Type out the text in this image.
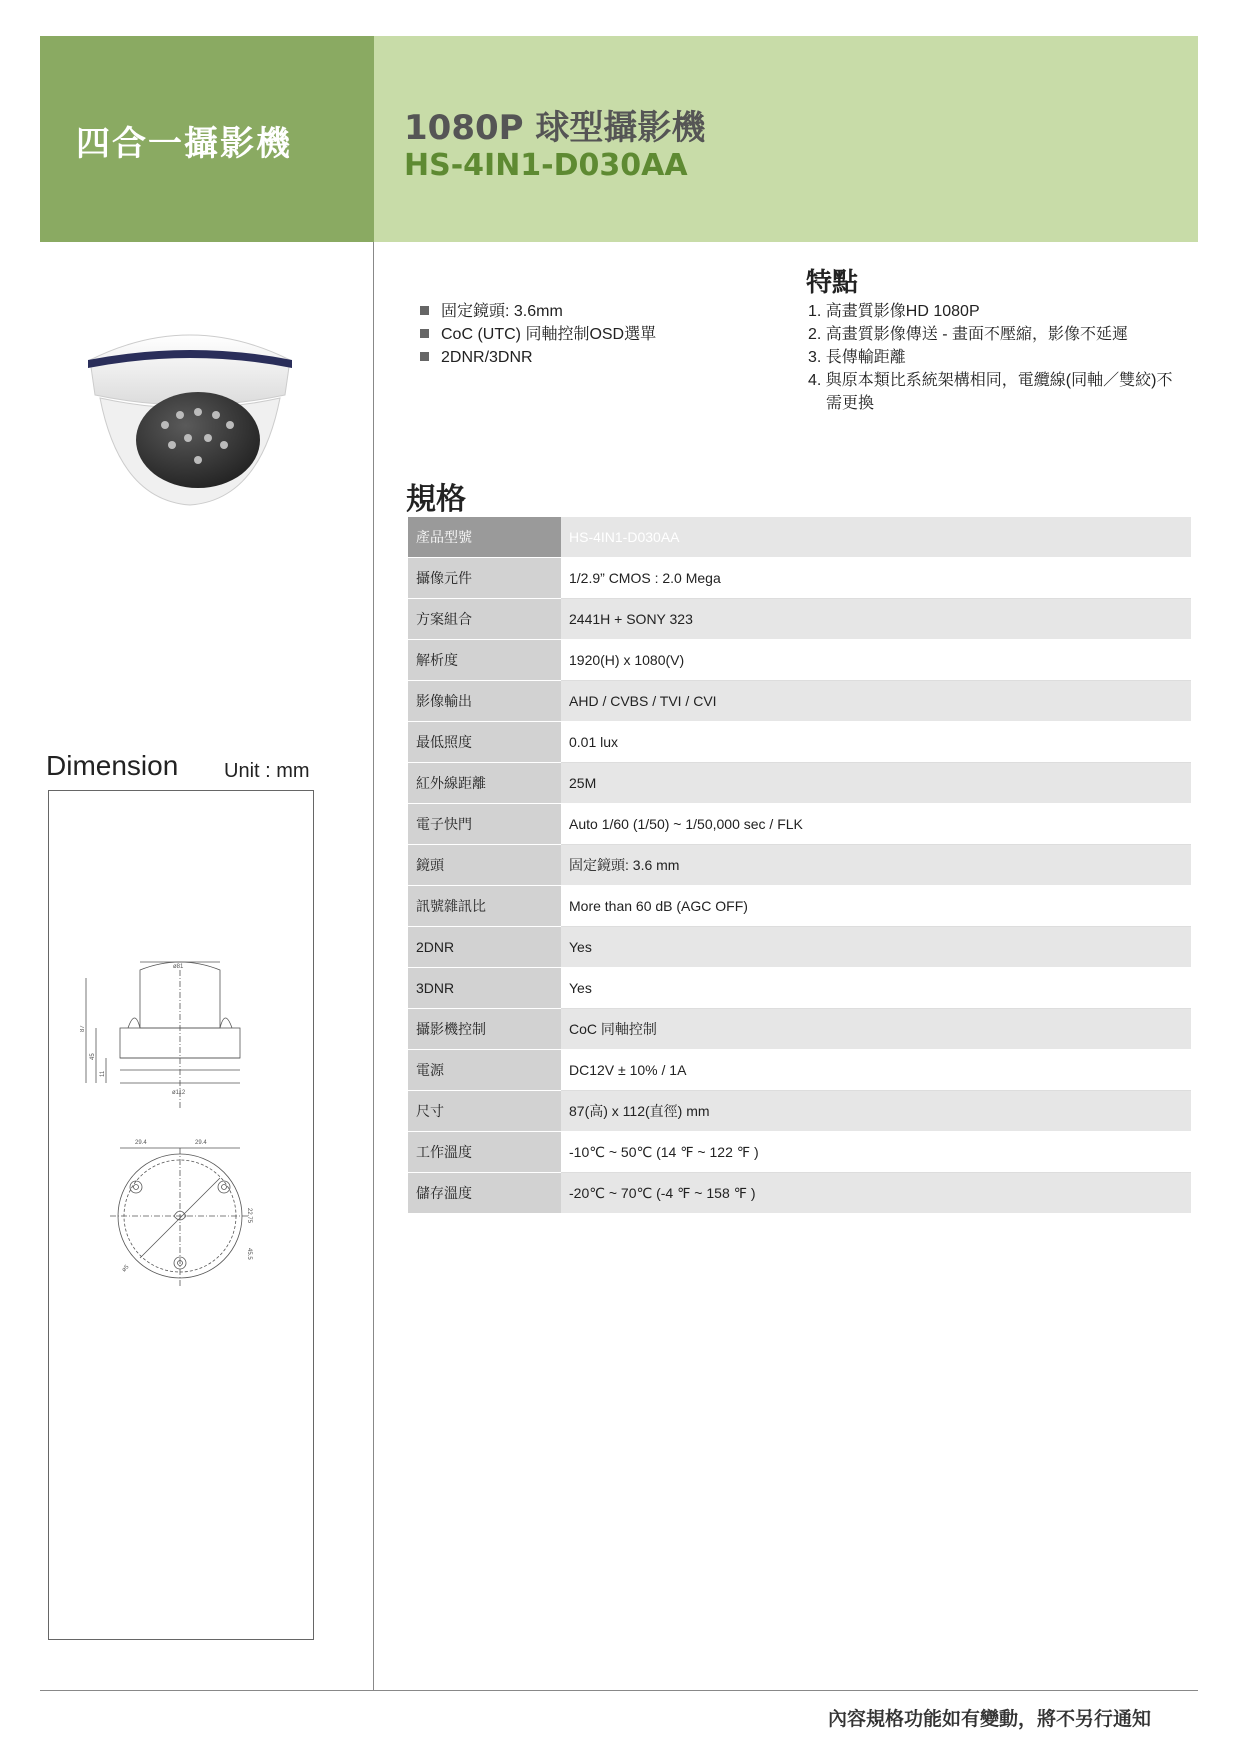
四合一攝影機	1080P 球型攝影機
HS-4IN1-D030AA
固定鏡頭: 3.6mm
CoC (UTC) 同軸控制OSD選單
2DNR/3DNR
特點
1. 高畫質影像HD 1080P
2. 高畫質影像傳送 - 畫面不壓縮，影像不延遲
3. 長傳輸距離
4. 與原本類比系統架構相同，電纜線(同軸／雙絞)不需更換
規格
產品型號	HS-4IN1-D030AA
攝像元件	1/2.9” CMOS : 2.0 Mega
方案組合	2441H + SONY 323
解析度	1920(H) x 1080(V)
影像輸出	AHD / CVBS / TVI / CVI
最低照度	0.01 lux
紅外線距離	25M
電子快門	Auto 1/60 (1/50) ~ 1/50,000 sec / FLK
鏡頭	固定鏡頭: 3.6 mm
訊號雜訊比	More than 60 dB (AGC OFF)
2DNR	Yes
3DNR	Yes
攝影機控制	CoC 同軸控制
電源	DC12V ± 10% / 1A
尺寸	87(高) x 112(直徑) mm
工作溫度	-10℃ ~ 50℃ (14 ℉ ~ 122 ℉ )
儲存溫度	-20℃ ~ 70℃ (-4 ℉ ~ 158 ℉ )
Dimension Unit : mm
ø81
ø112
87
45
11
29.4	29.4
22.75
45.5
ø5
內容規格功能如有變動，將不另行通知
